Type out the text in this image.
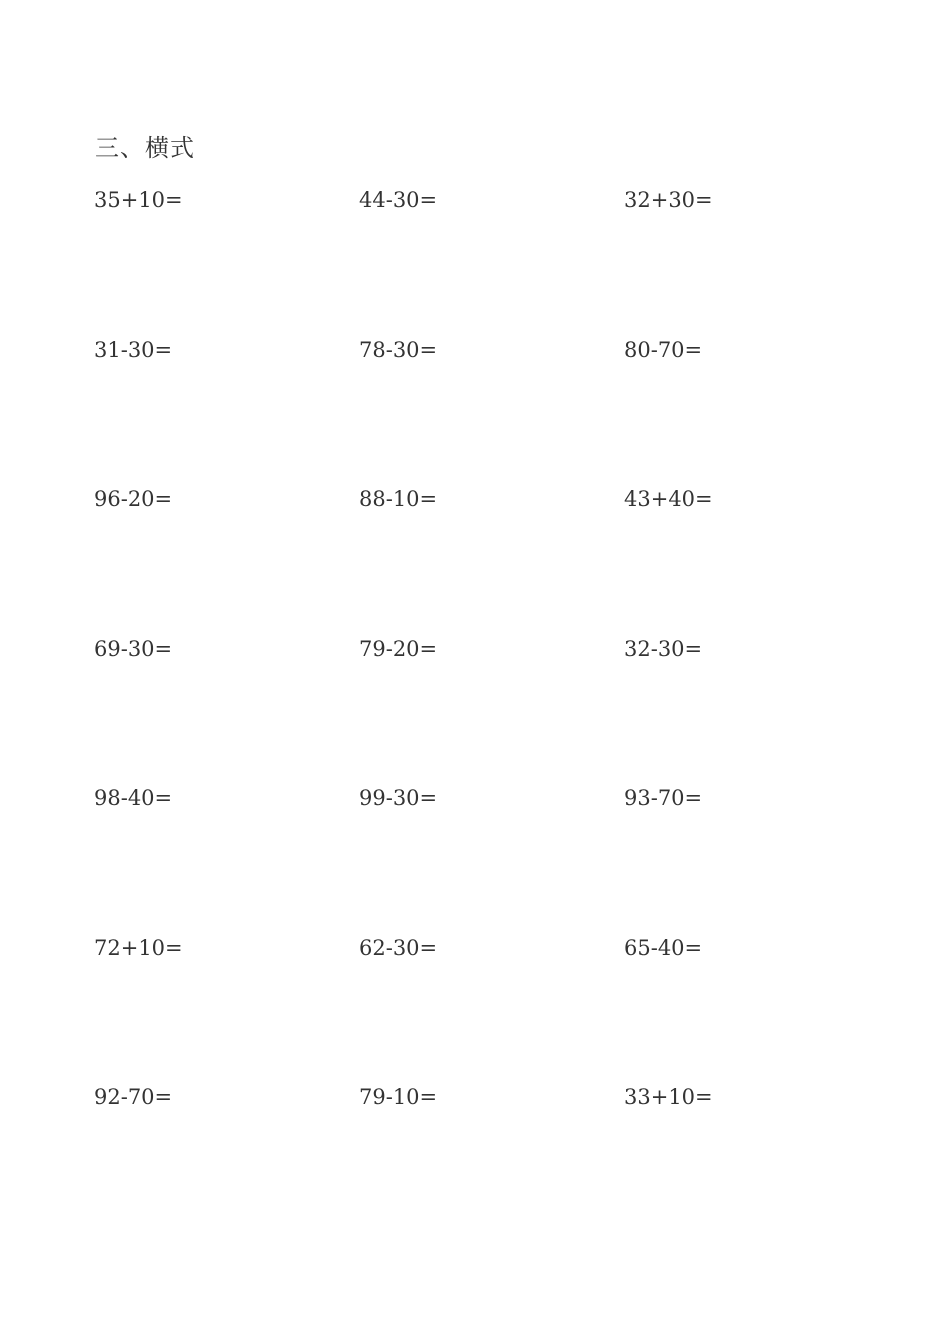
三、横式
35+10=	44-30=	32+30=
31-30=	78-30=	80-70=
96-20=	88-10=	43+40=
69-30=	79-20=	32-30=
98-40=	99-30=	93-70=
72+10=	62-30=	65-40=
92-70=	79-10=	33+10=
